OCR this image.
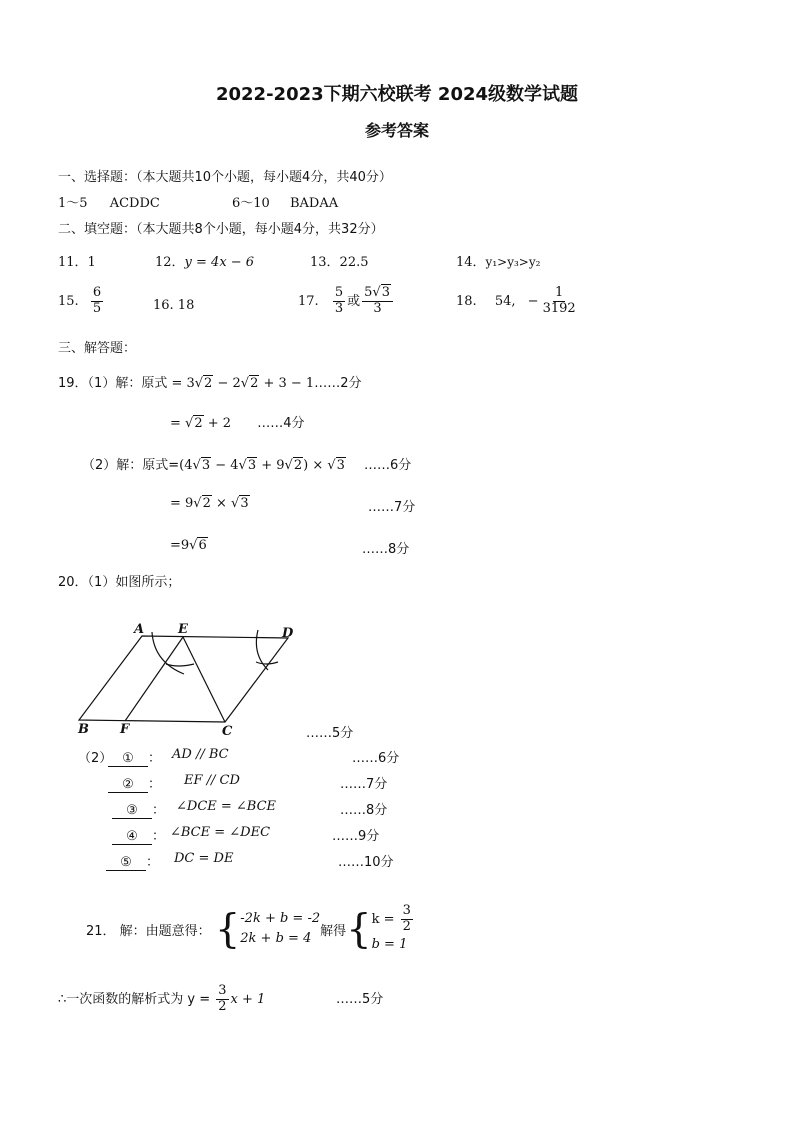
2022-2023下期六校联考 2024级数学试题
参考答案
一、选择题：（本大题共10个小题，每小题4分，共40分）
1～5 ACDDC	6～10 BADAA
二、填空题：（本大题共8个小题，每小题4分，共32分）
11．1	12．y = 4x − 6	13．22.5	14．y₁>y₃>y₂
15. $\frac{6}{5}$	16. 18	17. $\frac{5}{3}$ 或 $\frac{5√3}{3}$	18. 54, − $\frac{1}{3192}$
三、解答题：
19．（1）解：原式 = 3√2 − 2√2 + 3 − 1……2分
= √2 + 2 ……4分
（2）解：原式=(4√3 − 4√3 + 9√2) × √3 ……6分
= 9√2 × √3	……7分
=9√6	……8分
20．（1）如图所示；
A	E	D
B F	C	……5分
（2） ① ： AD // BC	……6分
② ： EF // CD	……7分
③ ： ∠DCE = ∠BCE	……8分
④ ： ∠BCE = ∠DEC	……9分
⑤ ： DC = DE	……10分
21． 解：由题意得： { -2k + b = -2
2k + b = 4 解得{ $k = \frac{3}{2}$
b = 1
∴一次函数的解析式为 $y = \frac{3}{2}$ x + 1	……5分
